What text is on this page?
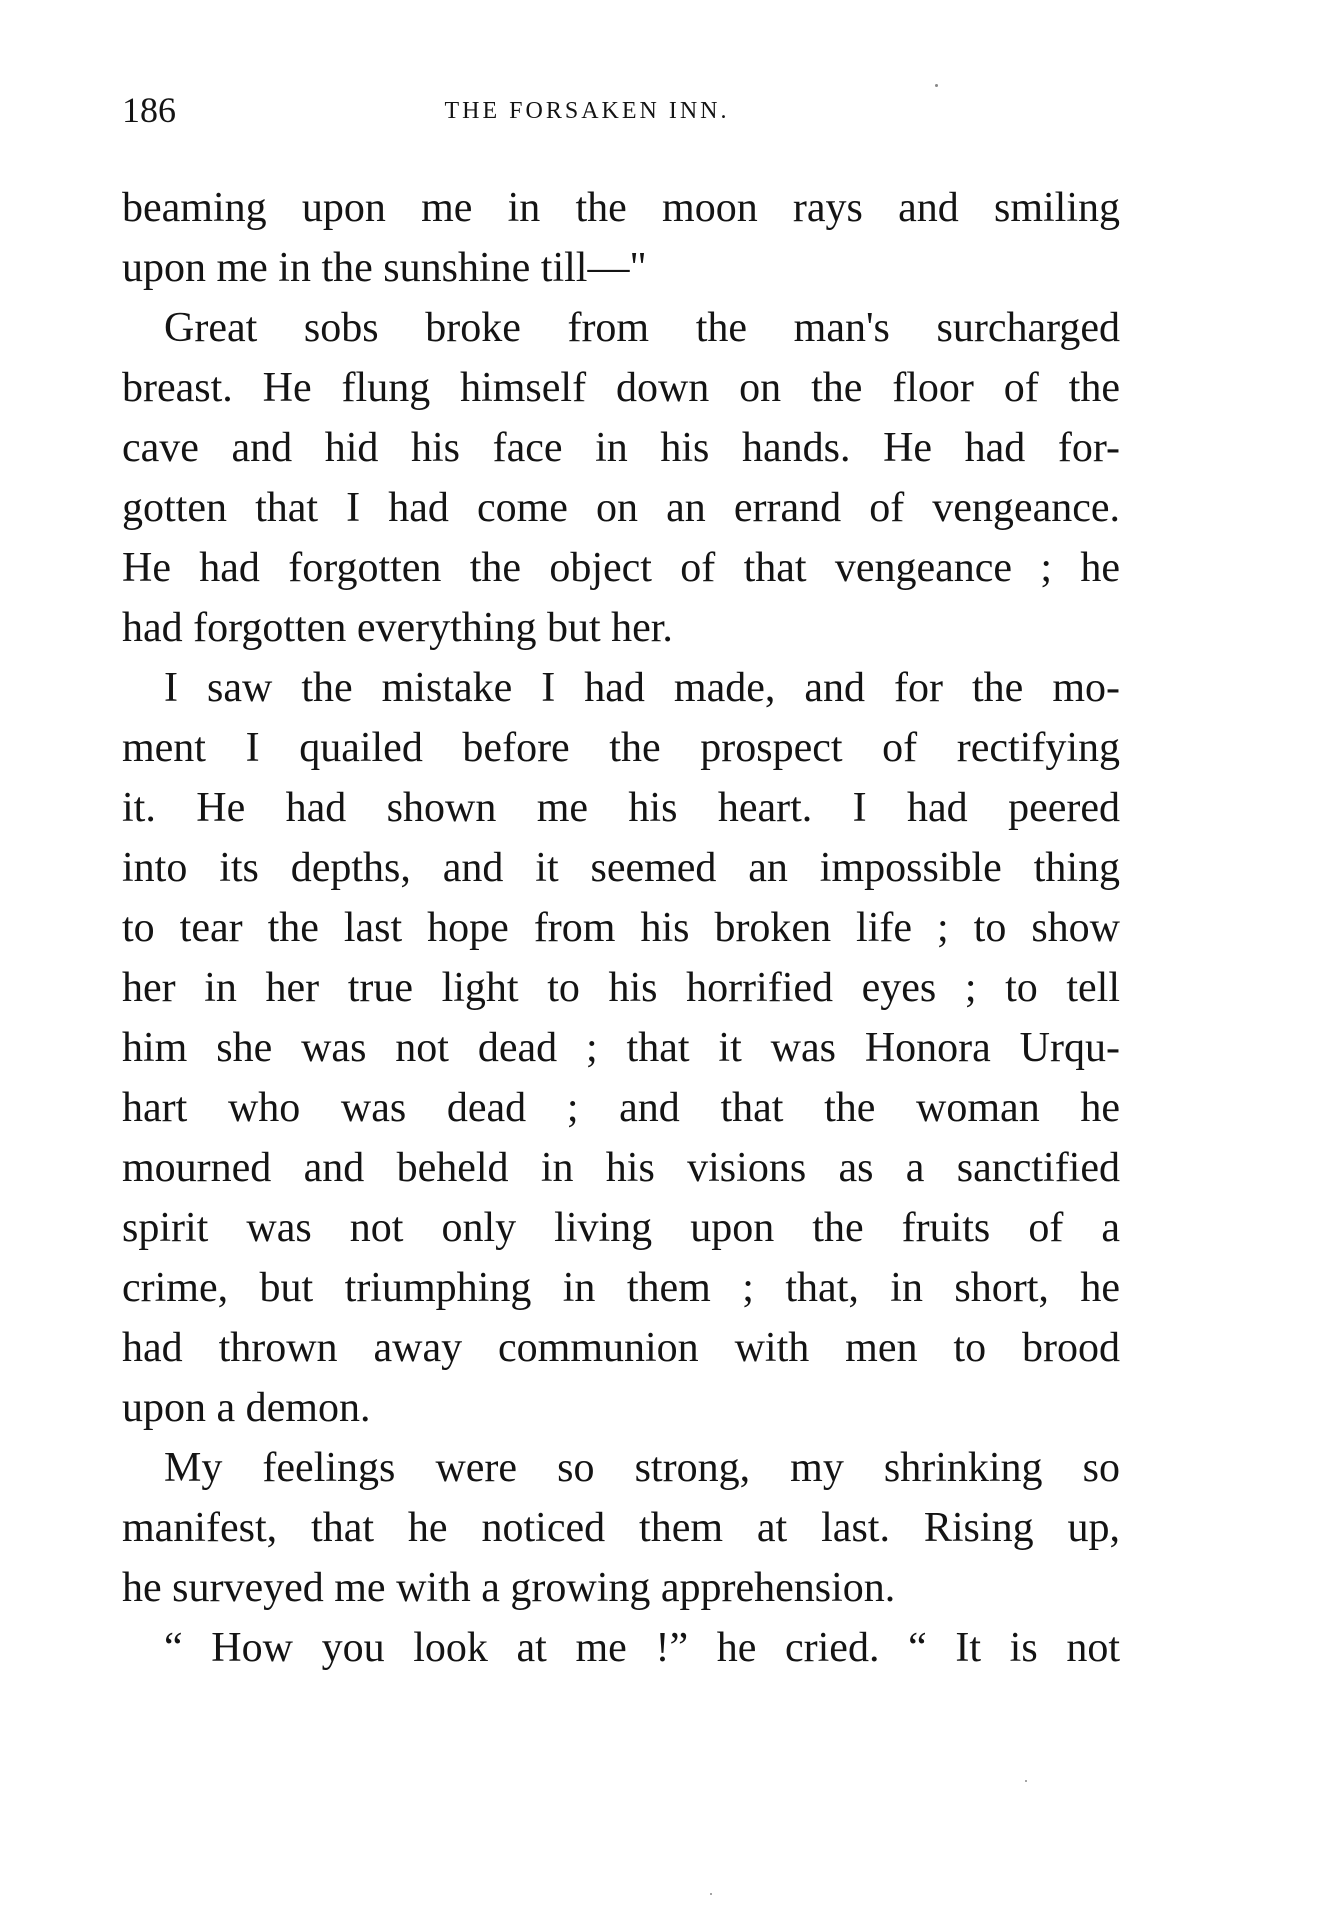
186	THE FORSAKEN INN.
beaming upon me in the moon rays and smiling
upon me in the sunshine till—"
Great sobs broke from the man's surcharged
breast. He flung himself down on the floor of the
cave and hid his face in his hands. He had for-
gotten that I had come on an errand of vengeance.
He had forgotten the object of that vengeance ; he
had forgotten everything but her.
I saw the mistake I had made, and for the mo-
ment I quailed before the prospect of rectifying
it. He had shown me his heart. I had peered
into its depths, and it seemed an impossible thing
to tear the last hope from his broken life ; to show
her in her true light to his horrified eyes ; to tell
him she was not dead ; that it was Honora Urqu-
hart who was dead ; and that the woman he
mourned and beheld in his visions as a sanctified
spirit was not only living upon the fruits of a
crime, but triumphing in them ; that, in short, he
had thrown away communion with men to brood
upon a demon.
My feelings were so strong, my shrinking so
manifest, that he noticed them at last. Rising up,
he surveyed me with a growing apprehension.
“ How you look at me !” he cried. “ It is not
